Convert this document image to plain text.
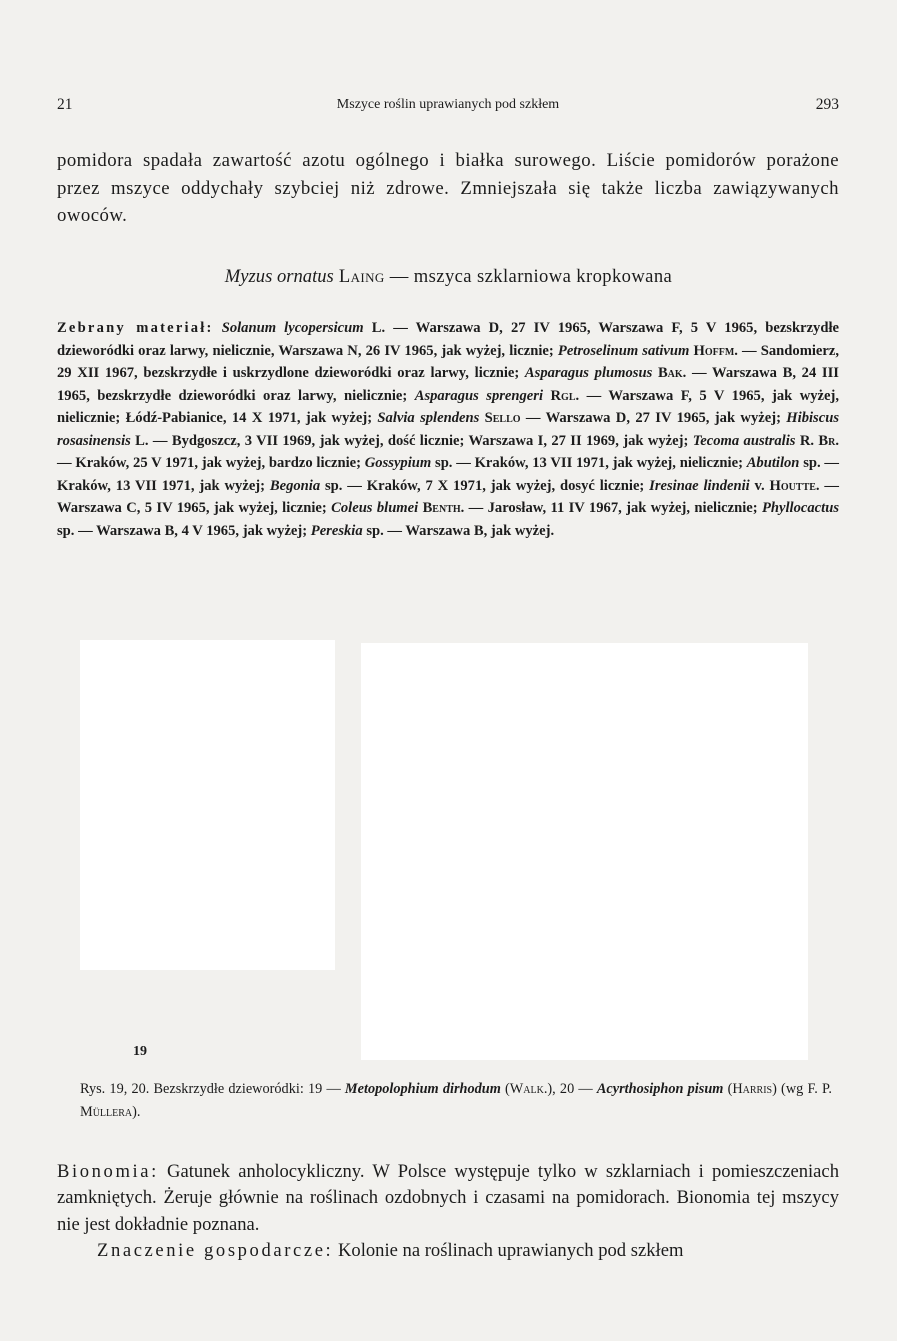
21	Mszyce roślin uprawianych pod szkłem	293
pomidora spadała zawartość azotu ogólnego i białka surowego. Liście pomidorów porażone przez mszyce oddychały szybciej niż zdrowe. Zmniejszała się także liczba zawiązywanych owoców.
Myzus ornatus Laing — mszyca szklarniowa kropkowana
Zebrany materiał: Solanum lycopersicum L. — Warszawa D, 27 IV 1965, Warszawa F, 5 V 1965, bezskrzydłe dzieworódki oraz larwy, nielicznie, Warszawa N, 26 IV 1965, jak wyżej, licznie; Petroselinum sativum Hoffm. — Sandomierz, 29 XII 1967, bezskrzydłe i uskrzydlone dzieworódki oraz larwy, licznie; Asparagus plumosus Bak. — Warszawa B, 24 III 1965, bezskrzydłe dzieworódki oraz larwy, nielicznie; Asparagus sprengeri Rgl. — Warszawa F, 5 V 1965, jak wyżej, nielicznie; Łódź-Pabianice, 14 X 1971, jak wyżej; Salvia splendens Sello — Warszawa D, 27 IV 1965, jak wyżej; Hibiscus rosasinensis L. — Bydgoszcz, 3 VII 1969, jak wyżej, dość licznie; Warszawa I, 27 II 1969, jak wyżej; Tecoma australis R. Br. — Kraków, 25 V 1971, jak wyżej, bardzo licznie; Gossypium sp. — Kraków, 13 VII 1971, jak wyżej, nielicznie; Abutilon sp. — Kraków, 13 VII 1971, jak wyżej; Begonia sp. — Kraków, 7 X 1971, jak wyżej, dosyć licznie; Iresinae lindenii v. Houtte. — Warszawa C, 5 IV 1965, jak wyżej, licznie; Coleus blumei Benth. — Jarosław, 11 IV 1967, jak wyżej, nielicznie; Phyllocactus sp. — Warszawa B, 4 V 1965, jak wyżej; Pereskia sp. — Warszawa B, jak wyżej.
19
Rys. 19, 20. Bezskrzydłe dzieworódki: 19 — Metopolophium dirhodum (Walk.), 20 — Acyrthosiphon pisum (Harris) (wg F. P. Müllera).
Bionomia: Gatunek anholocykliczny. W Polsce występuje tylko w szklarniach i pomieszczeniach zamkniętych. Żeruje głównie na roślinach ozdobnych i czasami na pomidorach. Bionomia tej mszycy nie jest dokładnie poznana.
Znaczenie gospodarcze: Kolonie na roślinach uprawianych pod szkłem
